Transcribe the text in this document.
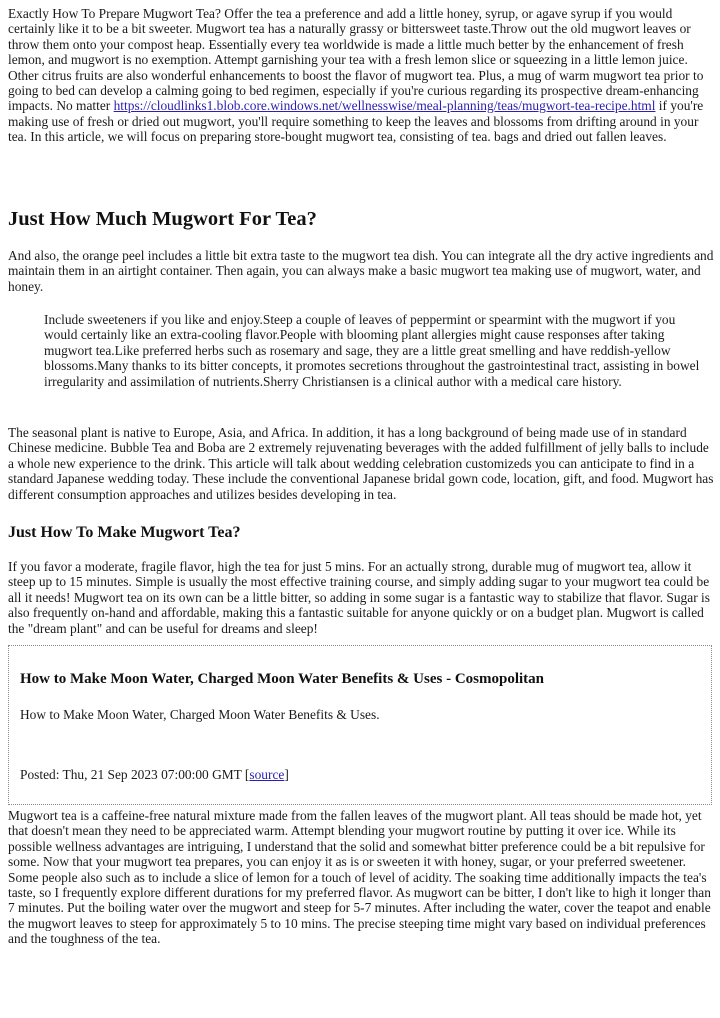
Exactly How To Prepare Mugwort Tea? Offer the tea a preference and add a little honey, syrup, or agave syrup if you would certainly like it to be a bit sweeter. Mugwort tea has a naturally grassy or bittersweet taste.Throw out the old mugwort leaves or throw them onto your compost heap. Essentially every tea worldwide is made a little much better by the enhancement of fresh lemon, and mugwort is no exemption. Attempt garnishing your tea with a fresh lemon slice or squeezing in a little lemon juice. Other citrus fruits are also wonderful enhancements to boost the flavor of mugwort tea. Plus, a mug of warm mugwort tea prior to going to bed can develop a calming going to bed regimen, especially if you're curious regarding its prospective dream-enhancing impacts. No matter https://cloudlinks1.blob.core.windows.net/wellnesswise/meal-planning/teas/mugwort-tea-recipe.html if you're making use of fresh or dried out mugwort, you'll require something to keep the leaves and blossoms from drifting around in your tea. In this article, we will focus on preparing store-bought mugwort tea, consisting of tea. bags and dried out fallen leaves.

Just How Much Mugwort For Tea?

And also, the orange peel includes a little bit extra taste to the mugwort tea dish. You can integrate all the dry active ingredients and maintain them in an airtight container. Then again, you can always make a basic mugwort tea making use of mugwort, water, and honey.

Include sweeteners if you like and enjoy.Steep a couple of leaves of peppermint or spearmint with the mugwort if you would certainly like an extra-cooling flavor.People with blooming plant allergies might cause responses after taking mugwort tea.Like preferred herbs such as rosemary and sage, they are a little great smelling and have reddish-yellow blossoms.Many thanks to its bitter concepts, it promotes secretions throughout the gastrointestinal tract, assisting in bowel irregularity and assimilation of nutrients.Sherry Christiansen is a clinical author with a medical care history.

The seasonal plant is native to Europe, Asia, and Africa. In addition, it has a long background of being made use of in standard Chinese medicine. Bubble Tea and Boba are 2 extremely rejuvenating beverages with the added fulfillment of jelly balls to include a whole new experience to the drink. This article will talk about wedding celebration customizeds you can anticipate to find in a standard Japanese wedding today. These include the conventional Japanese bridal gown code, location, gift, and food. Mugwort has different consumption approaches and utilizes besides developing in tea.

Just How To Make Mugwort Tea?

If you favor a moderate, fragile flavor, high the tea for just 5 mins. For an actually strong, durable mug of mugwort tea, allow it steep up to 15 minutes. Simple is usually the most effective training course, and simply adding sugar to your mugwort tea could be all it needs! Mugwort tea on its own can be a little bitter, so adding in some sugar is a fantastic way to stabilize that flavor. Sugar is also frequently on-hand and affordable, making this a fantastic suitable for anyone quickly or on a budget plan. Mugwort is called the "dream plant" and can be useful for dreams and sleep!

How to Make Moon Water, Charged Moon Water Benefits & Uses - Cosmopolitan

How to Make Moon Water, Charged Moon Water Benefits & Uses.

Posted: Thu, 21 Sep 2023 07:00:00 GMT [source]

Mugwort tea is a caffeine-free natural mixture made from the fallen leaves of the mugwort plant. All teas should be made hot, yet that doesn't mean they need to be appreciated warm. Attempt blending your mugwort routine by putting it over ice. While its possible wellness advantages are intriguing, I understand that the solid and somewhat bitter preference could be a bit repulsive for some. Now that your mugwort tea prepares, you can enjoy it as is or sweeten it with honey, sugar, or your preferred sweetener. Some people also such as to include a slice of lemon for a touch of level of acidity. The soaking time additionally impacts the tea's taste, so I frequently explore different durations for my preferred flavor. As mugwort can be bitter, I don't like to high it longer than 7 minutes. Put the boiling water over the mugwort and steep for 5-7 minutes. After including the water, cover the teapot and enable the mugwort leaves to steep for approximately 5 to 10 mins. The precise steeping time might vary based on individual preferences and the toughness of the tea.
